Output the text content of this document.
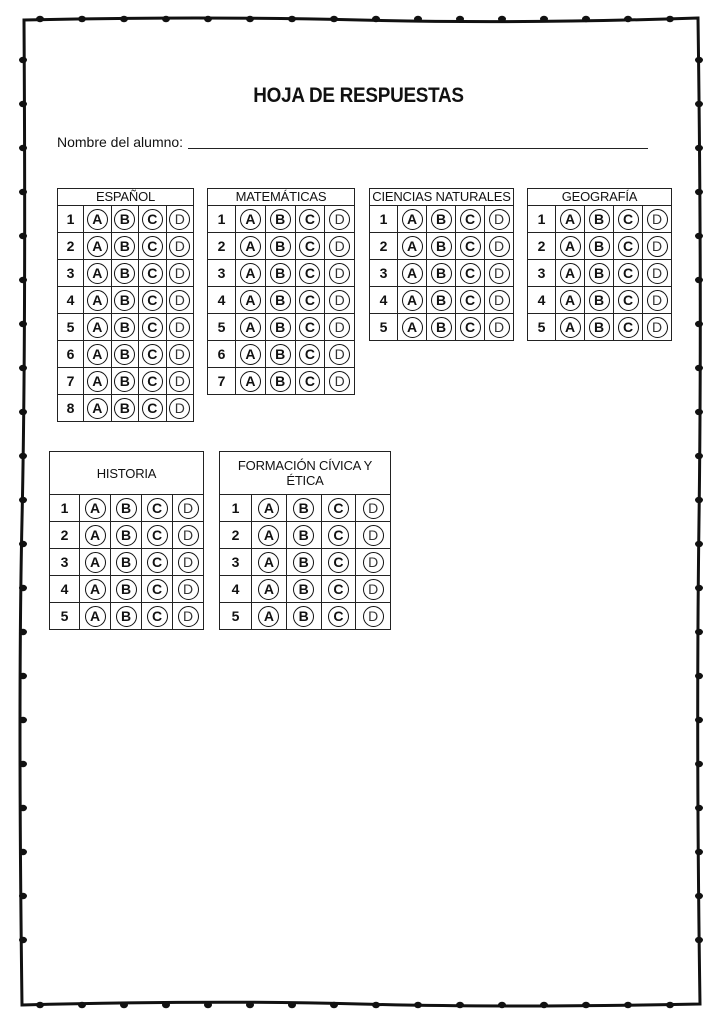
HOJA DE RESPUESTAS
Nombre del alumno:
ESPAÑOL				
1	A	B	C	D
2	A	B	C	D
3	A	B	C	D
4	A	B	C	D
5	A	B	C	D
6	A	B	C	D
7	A	B	C	D
8	A	B	C	D
MATEMÁTICAS				
1	A	B	C	D
2	A	B	C	D
3	A	B	C	D
4	A	B	C	D
5	A	B	C	D
6	A	B	C	D
7	A	B	C	D
CIENCIAS NATURALES				
1	A	B	C	D
2	A	B	C	D
3	A	B	C	D
4	A	B	C	D
5	A	B	C	D
GEOGRAFÍA				
1	A	B	C	D
2	A	B	C	D
3	A	B	C	D
4	A	B	C	D
5	A	B	C	D
HISTORIA				
1	A	B	C	D
2	A	B	C	D
3	A	B	C	D
4	A	B	C	D
5	A	B	C	D
FORMACIÓN CÍVICA Y ÉTICA				
1	A	B	C	D
2	A	B	C	D
3	A	B	C	D
4	A	B	C	D
5	A	B	C	D
